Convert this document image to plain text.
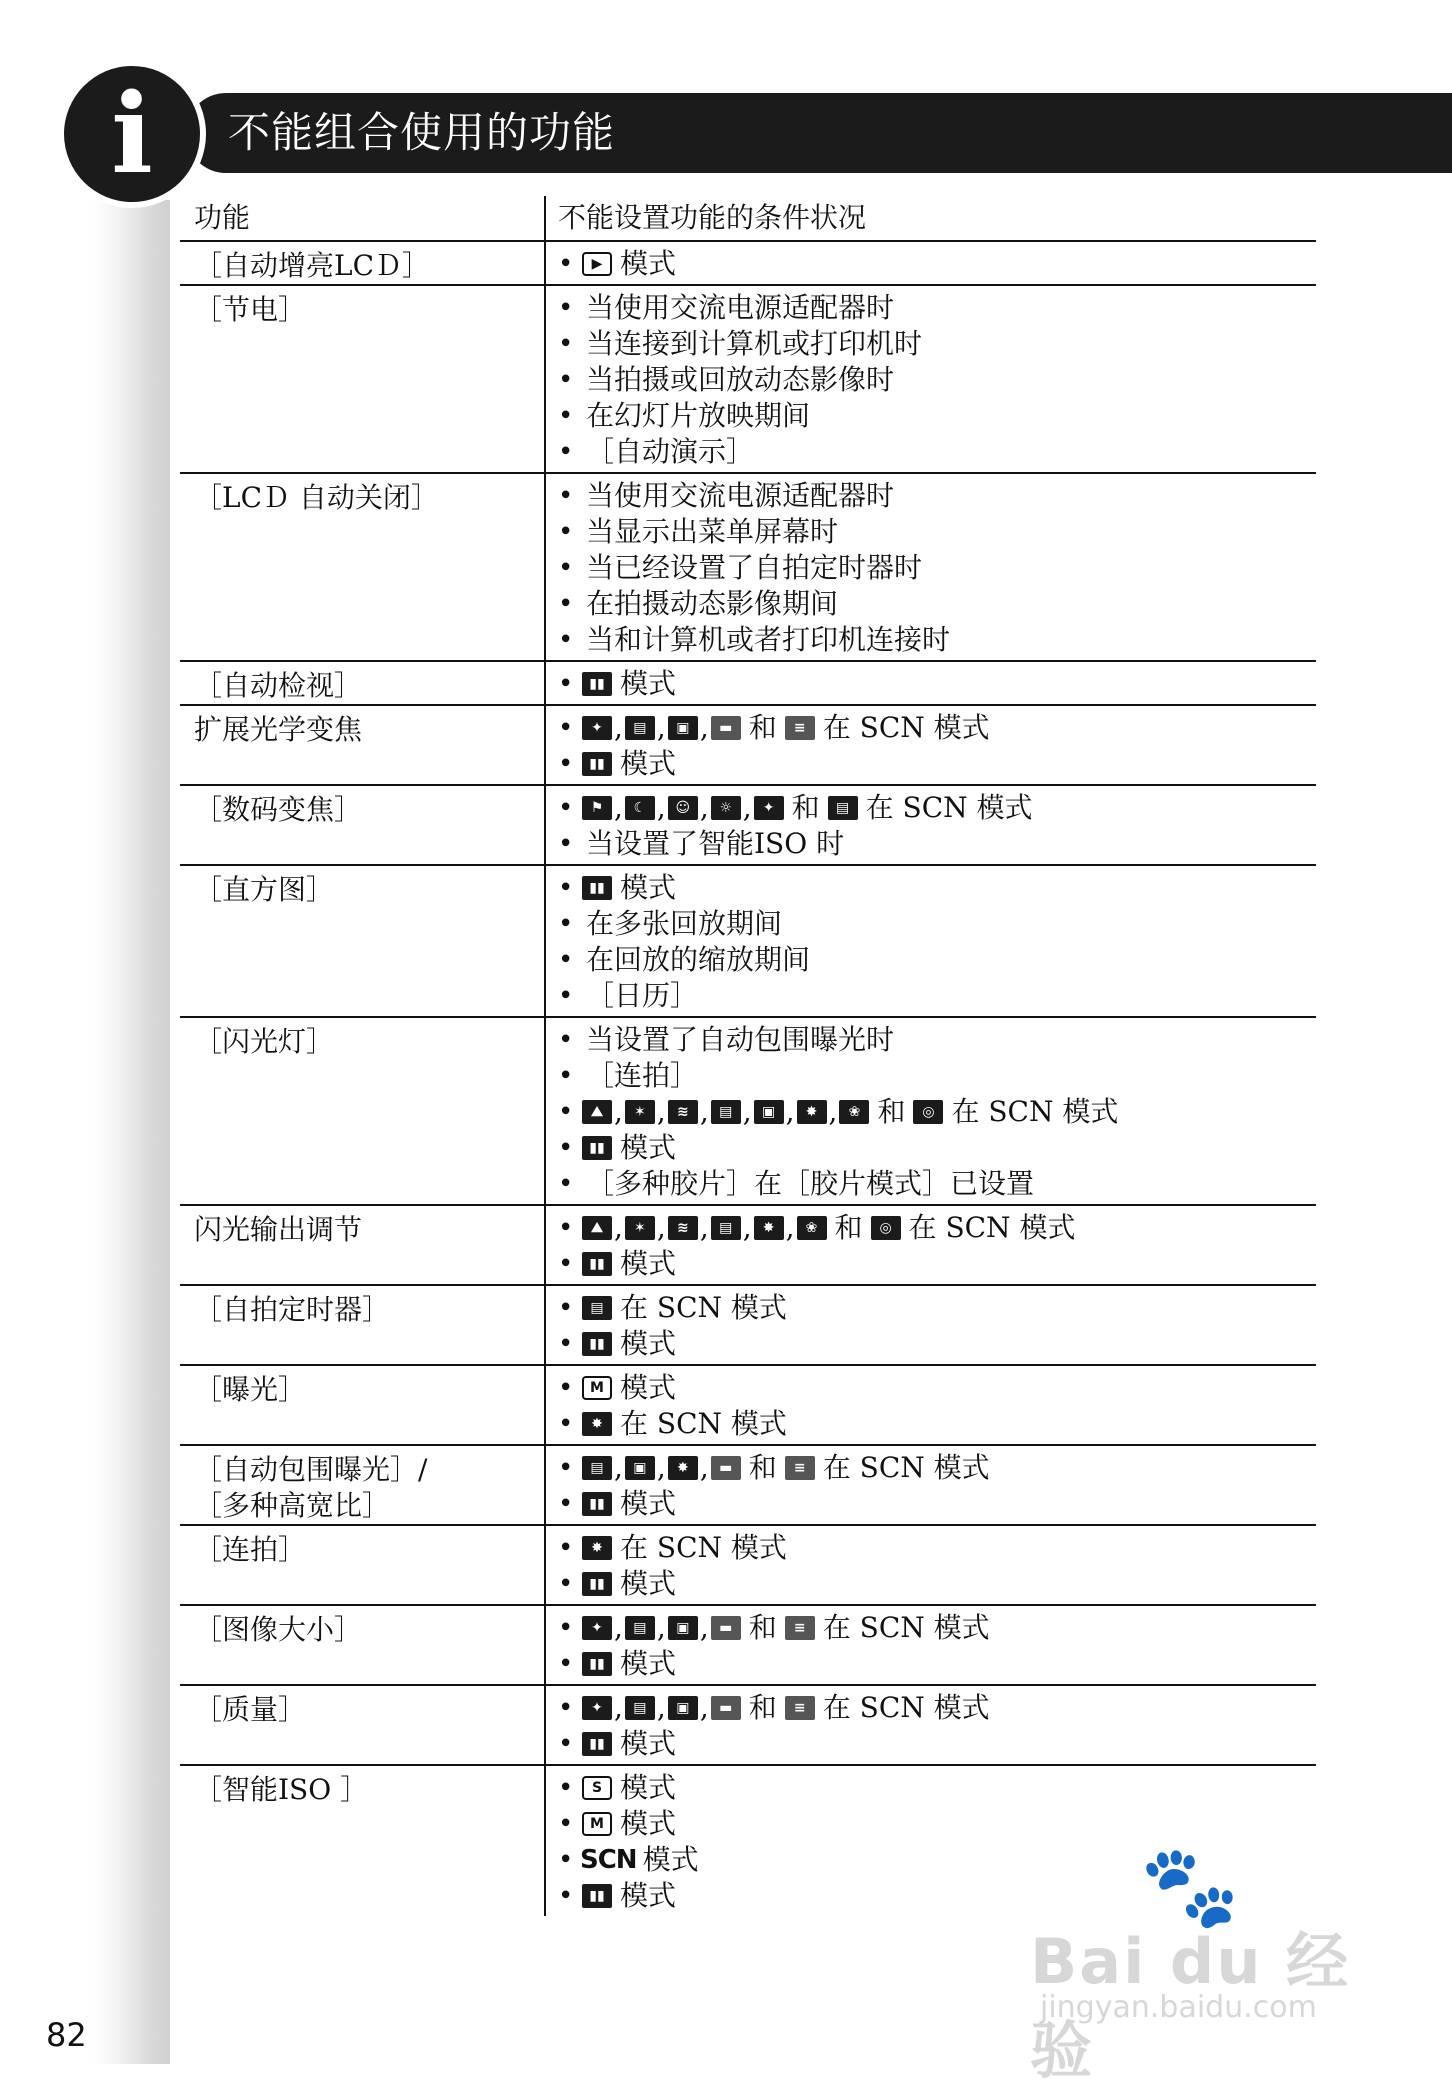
不能组合使用的功能
i
功能	不能设置功能的条件状况
［自动增亮LCＤ］	•	▶ 模式
［节电］	• 当使用交流电源适配器时
• 当连接到计算机或打印机时
• 当拍摄或回放动态影像时
• 在幻灯片放映期间
• ［自动演示］
［LCＤ 自动关闭］	• 当使用交流电源适配器时
• 当显示出菜单屏幕时
• 当已经设置了自拍定时器时
• 在拍摄动态影像期间
• 当和计算机或者打印机连接时
［自动检视］	•	▮▮ 模式
扩展光学变焦	•	✦ , ▤ , ▣ , ▬ 和	≡ 在 SCN 模式
•	▮▮ 模式
［数码变焦］	•	⚑ , ☾ , ☺ , ☼ , ✦ 和	▤ 在 SCN 模式
• 当设置了智能ISO 时
［直方图］	•	▮▮ 模式
• 在多张回放期间
• 在回放的缩放期间
• ［日历］
［闪光灯］	• 当设置了自动包围曝光时
• ［连拍］
•	⛰ , ✶ , ≋ , ▤ , ▣ , ✸ , ❀ 和	◎ 在 SCN 模式
•	▮▮ 模式
• ［多种胶片］在［胶片模式］已设置
闪光输出调节	•	⛰ , ✶ , ≋ , ▤ , ✸ , ❀ 和	◎ 在 SCN 模式
•	▮▮ 模式
［自拍定时器］	•	▤ 在 SCN 模式
•	▮▮ 模式
［曝光］	•	M 模式
•	✸ 在 SCN 模式
［自动包围曝光］/
［多种高宽比］
•	▤ , ▣ , ✸ , ▬ 和	≡ 在 SCN 模式
•	▮▮ 模式
［连拍］	•	✸ 在 SCN 模式
•	▮▮ 模式
［图像大小］	•	✦ , ▤ , ▣ , ▬ 和	≡ 在 SCN 模式
•	▮▮ 模式
［质量］	•	✦ , ▤ , ▣ , ▬ 和	≡ 在 SCN 模式
•	▮▮ 模式
［智能ISO ］	•	S 模式
•	M 模式
• SCN 模式
•	▮▮ 模式
82
🐾
Bai du 经验
jingyan.baidu.com
